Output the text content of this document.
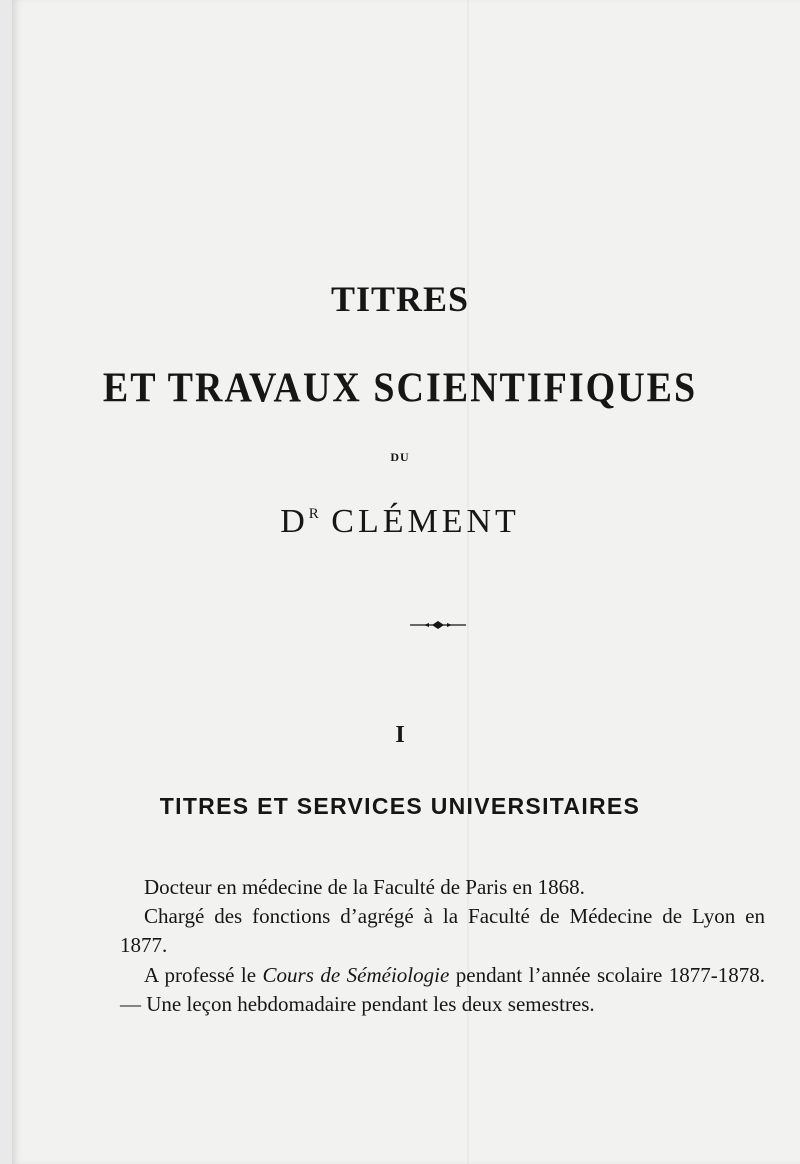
TITRES
ET TRAVAUX SCIENTIFIQUES
DU
$D^R$ CLÉMENT
I
TITRES ET SERVICES UNIVERSITAIRES

Docteur en médecine de la Faculté de Paris en 1868.

Chargé des fonctions d’agrégé à la Faculté de Médecine de Lyon en 1877.

A professé le Cours de Séméiologie pendant l’année scolaire 1877-1878. — Une leçon hebdomadaire pendant les deux semestres.
